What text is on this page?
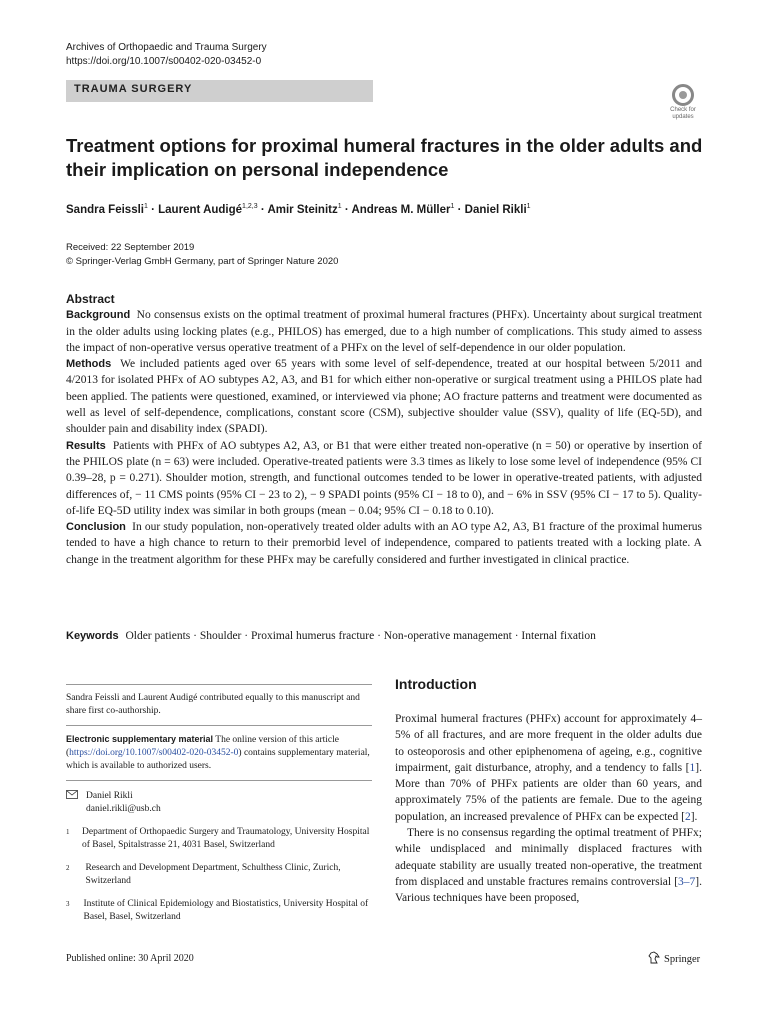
Archives of Orthopaedic and Trauma Surgery
https://doi.org/10.1007/s00402-020-03452-0
TRAUMA SURGERY
Check for
updates
Treatment options for proximal humeral fractures in the older adults and their implication on personal independence
Sandra Feissli$^1$ · Laurent Audigé$^{1,2,3}$ · Amir Steinitz$^1$ · Andreas M. Müller$^1$ · Daniel Rikli$^1$
Received: 22 September 2019
© Springer-Verlag GmbH Germany, part of Springer Nature 2020
Abstract

Background No consensus exists on the optimal treatment of proximal humeral fractures (PHFx). Uncertainty about surgical treatment in the older adults using locking plates (e.g., PHILOS) has emerged, due to a high number of complications. This study aimed to assess the impact of non-operative versus operative treatment of a PHFx on the level of self-dependence in our older population.

Methods We included patients aged over 65 years with some level of self-dependence, treated at our hospital between 5/2011 and 4/2013 for isolated PHFx of AO subtypes A2, A3, and B1 for which either non-operative or surgical treatment using a PHILOS plate had been applied. The patients were questioned, examined, or interviewed via phone; AO fracture patterns and treatment were documented as well as level of self-dependence, complications, constant score (CSM), subjective shoulder value (SSV), quality of life (EQ-5D), and shoulder pain and disability index (SPADI).

Results Patients with PHFx of AO subtypes A2, A3, or B1 that were either treated non-operative (n = 50) or operative by insertion of the PHILOS plate (n = 63) were included. Operative-treated patients were 3.3 times as likely to lose some level of independence (95% CI 0.39–28, p = 0.271). Shoulder motion, strength, and functional outcomes tended to be lower in operative-treated patients, with adjusted differences of, − 11 CMS points (95% CI − 23 to 2), − 9 SPADI points (95% CI − 18 to 0), and − 6% in SSV (95% CI − 17 to 5). Quality-of-life EQ-5D utility index was similar in both groups (mean − 0.04; 95% CI − 0.18 to 0.10).

Conclusion In our study population, non-operatively treated older adults with an AO type A2, A3, B1 fracture of the proximal humerus tended to have a high chance to return to their premorbid level of independence, compared to patients treated with a locking plate. A change in the treatment algorithm for these PHFx may be carefully considered and further investigated in clinical practice.

Keywords Older patients · Shoulder · Proximal humerus fracture · Non-operative management · Internal fixation
Sandra Feissli and Laurent Audigé contributed equally to this manuscript and share first co-authorship.
Electronic supplementary material The online version of this article (https://doi.org/10.1007/s00402-020-03452-0) contains supplementary material, which is available to authorized users.
Daniel Rikli
daniel.rikli@usb.ch
1 Department of Orthopaedic Surgery and Traumatology, University Hospital of Basel, Spitalstrasse 21, 4031 Basel, Switzerland
2	Research and Development Department, Schulthess Clinic, Zurich, Switzerland
3	Institute of Clinical Epidemiology and Biostatistics, University Hospital of Basel, Basel, Switzerland
Introduction

Proximal humeral fractures (PHFx) account for approximately 4–5% of all fractures, and are more frequent in the older adults due to osteoporosis and other epiphenomena of ageing, e.g., cognitive impairment, gait disturbance, atrophy, and a tendency to falls [1]. More than 70% of PHFx patients are older than 60 years, and approximately 75% of the patients are female. Due to the ageing population, an increased prevalence of PHFx can be expected [2].

There is no consensus regarding the optimal treatment of PHFx; while undisplaced and minimally displaced fractures with adequate stability are usually treated non-operative, the treatment from displaced and unstable fractures remains controversial [3–7]. Various techniques have been proposed,

Published online: 30 April 2020	Springer
